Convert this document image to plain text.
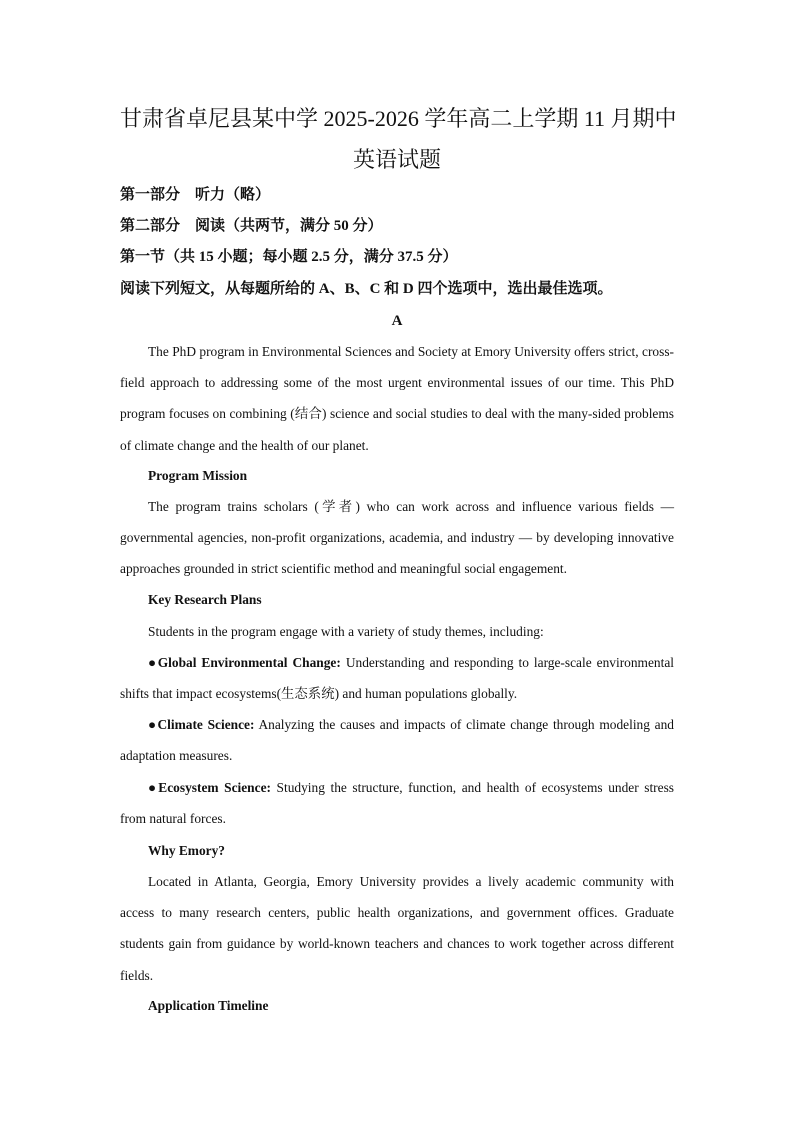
甘肃省卓尼县某中学 2025-2026 学年高二上学期 11 月期中
英语试题
第一部分　听力（略）
第二部分　阅读（共两节，满分 50 分）
第一节（共 15 小题；每小题 2.5 分，满分 37.5 分）
阅读下列短文，从每题所给的 A、B、C 和 D 四个选项中，选出最佳选项。
A

The PhD program in Environmental Sciences and Society at Emory University offers strict, cross-field approach to addressing some of the most urgent environmental issues of our time. This PhD program focuses on combining (结合) science and social studies to deal with the many-sided problems of climate change and the health of our planet.

Program Mission

The program trains scholars (学者) who can work across and influence various fields — governmental agencies, non-profit organizations, academia, and industry — by developing innovative approaches grounded in strict scientific method and meaningful social engagement.

Key Research Plans

Students in the program engage with a variety of study themes, including:

●Global Environmental Change: Understanding and responding to large-scale environmental shifts that impact ecosystems(生态系统) and human populations globally.

●Climate Science: Analyzing the causes and impacts of climate change through modeling and adaptation measures.

●Ecosystem Science: Studying the structure, function, and health of ecosystems under stress from natural forces.

Why Emory?

Located in Atlanta, Georgia, Emory University provides a lively academic community with access to many research centers, public health organizations, and government offices. Graduate students gain from guidance by world-known teachers and chances to work together across different fields.

Application Timeline
